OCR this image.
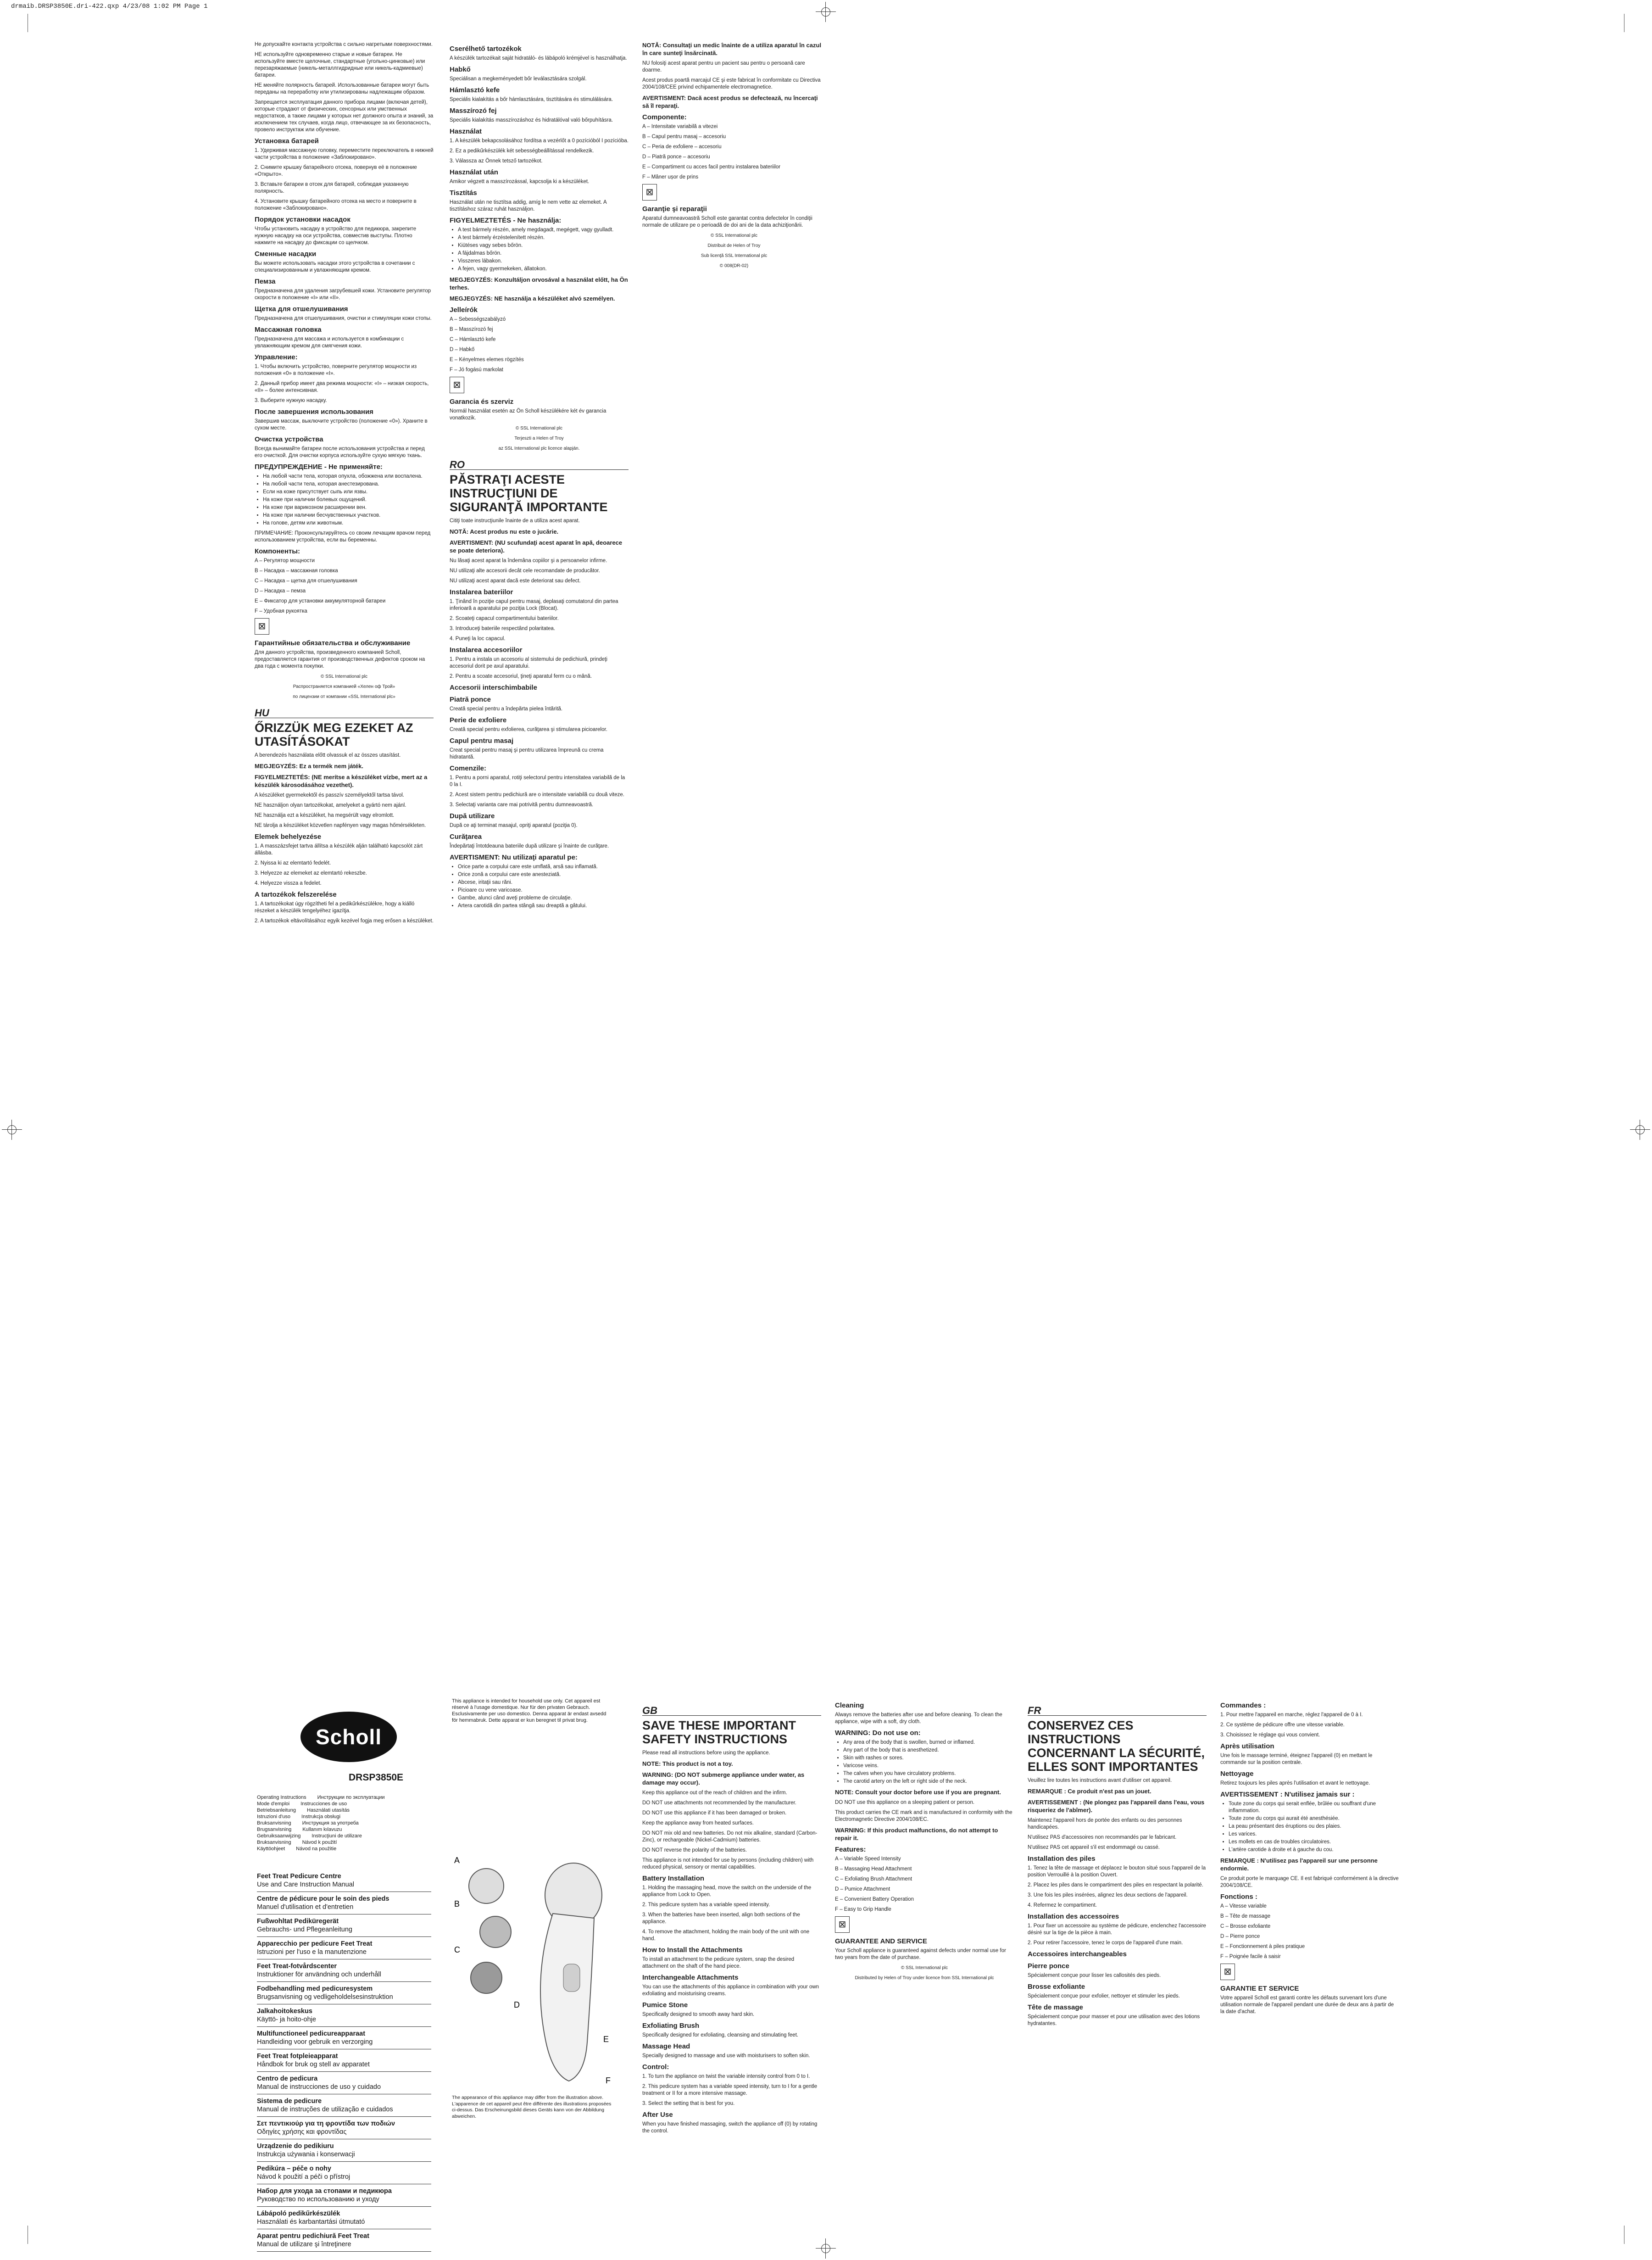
drmaib.DRSP3850E.dri-422.qxp 4/23/08 1:02 PM Page 1

Не допускайте контакта устройства с сильно нагретыми поверхностями.

НЕ используйте одновременно старые и новые батареи. Не используйте вместе щелочные, стандартные (угольно-цинковые) или перезаряжаемые (никель-металлгидридные или никель-кадмиевые) батареи.

НЕ меняйте полярность батарей. Использованные батареи могут быть переданы на переработку или утилизированы надлежащим образом.

Запрещается эксплуатация данного прибора лицами (включая детей), которые страдают от физических, сенсорных или умственных недостатков, а также лицами у которых нет должного опыта и знаний, за исключением тех случаев, когда лицо, отвечающее за их безопасность, провело инструктаж или обучение.

Установка батарей

1. Удерживая массажную головку, переместите переключатель в нижней части устройства в положение «Заблокировано».

2. Снимите крышку батарейного отсека, повернув её в положение «Открыто».

3. Вставьте батареи в отсек для батарей, соблюдая указанную полярность.

4. Установите крышку батарейного отсека на место и поверните в положение «Заблокировано».

Порядок установки насадок

Чтобы установить насадку в устройство для педикюра, закрепите нужную насадку на оси устройства, совместив выступы. Плотно нажмите на насадку до фиксации со щелчком.

Сменные насадки

Вы можете использовать насадки этого устройства в сочетании с специализированным и увлажняющим кремом.

Пемза

Предназначена для удаления загрубевшей кожи. Установите регулятор скорости в положение «I» или «II».

Щетка для отшелушивания

Предназначена для отшелушивания, очистки и стимуляции кожи стопы.

Массажная головка

Предназначена для массажа и используется в комбинации с увлажняющим кремом для смягчения кожи.

Управление:

1. Чтобы включить устройство, поверните регулятор мощности из положения «0» в положение «I».

2. Данный прибор имеет два режима мощности: «I» – низкая скорость, «II» – более интенсивная.

3. Выберите нужную насадку.

После завершения использования

Завершив массаж, выключите устройство (положение «0»). Храните в сухом месте.

Очистка устройства

Всегда вынимайте батареи после использования устройства и перед его очисткой. Для очистки корпуса используйте сухую мягкую ткань.

ПРЕДУПРЕЖДЕНИЕ - Не применяйте:
• На любой части тела, которая опухла, обожжена или воспалена.
• На любой части тела, которая анестезирована.
• Если на коже присутствует сыпь или язвы.
• На коже при наличии болевых ощущений.
• На коже при варикозном расширении вен.
• На коже при наличии бесчувственных участков.
• На голове, детям или животным.

ПРИМЕЧАНИЕ: Проконсультируйтесь со своим лечащим врачом перед использованием устройства, если вы беременны.

Компоненты:

A – Регулятор мощности

B – Насадка – массажная головка

C – Насадка – щетка для отшелушивания

D – Насадка – пемза

E – Фиксатор для установки аккумуляторной батареи

F – Удобная рукоятка

⊠
Гарантийные обязательства и обслуживание

Для данного устройства, произведенного компанией Scholl, предоставляется гарантия от производственных дефектов сроком на два года с момента покупки.

© SSL International plc

Распространяется компанией «Хелен оф Трой»

по лицензии от компании «SSL International plc»

HU
ŐRIZZÜK MEG EZEKET AZ UTASÍTÁSOKAT

A berendezés használata előtt olvassuk el az összes utasítást.

MEGJEGYZÉS: Ez a termék nem játék.

FIGYELMEZTETÉS: (NE merítse a készüléket vízbe, mert az a készülék károsodásához vezethet).

A készüléket gyermekektől és passzív személyektől tartsa távol.

NE használjon olyan tartozékokat, amelyeket a gyártó nem ajánl.

NE használja ezt a készüléket, ha megsérült vagy elromlott.

NE tárolja a készüléket közvetlen napfényen vagy magas hőmérsékleten.

Elemek behelyezése

1. A masszázsfejet tartva állítsa a készülék alján található kapcsolót zárt állásba.

2. Nyissa ki az elemtartó fedelét.

3. Helyezze az elemeket az elemtartó rekeszbe.

4. Helyezze vissza a fedelet.

A tartozékok felszerelése

1. A tartozékokat úgy rögzítheti fel a pedikűrkészülékre, hogy a kiálló részeket a készülék tengelyéhez igazítja.

2. A tartozékok eltávolításához egyik kezével fogja meg erősen a készüléket.

Cserélhető tartozékok

A készülék tartozékait saját hidratáló- és lábápoló krémjével is használhatja.

Habkő

Speciálisan a megkeményedett bőr leválasztására szolgál.

Hámlasztó kefe

Speciális kialakítás a bőr hámlasztására, tisztítására és stimulálására.

Masszírozó fej

Speciális kialakítás masszírozáshoz és hidratálóval való bőrpuhításra.

Használat

1. A készülék bekapcsolásához fordítsa a vezérlőt a 0 pozícióból I pozícióba.

2. Ez a pedikűrkészülék két sebességbeállítással rendelkezik.

3. Válassza az Önnek tetsző tartozékot.

Használat után

Amikor végzett a masszírozással, kapcsolja ki a készüléket.

Tisztítás

Használat után ne tisztítsa addig, amíg le nem vette az elemeket. A tisztításhoz száraz ruhát használjon.

FIGYELMEZTETÉS - Ne használja:
• A test bármely részén, amely megdagadt, megégett, vagy gyulladt.
• A test bármely érzéstelenített részén.
• Kiütéses vagy sebes bőrön.
• A fájdalmas bőrön.
• Visszeres lábakon.
• A fejen, vagy gyermekeken, állatokon.

MEGJEGYZÉS: Konzultáljon orvosával a használat előtt, ha Ön terhes.

MEGJEGYZÉS: NE használja a készüléket alvó személyen.

Jelleírók

A – Sebességszabályzó

B – Masszírozó fej

C – Hámlasztó kefe

D – Habkő

E – Kényelmes elemes rögzítés

F – Jó fogású markolat

⊠
Garancia és szerviz

Normál használat esetén az Ön Scholl készülékére két év garancia vonatkozik.

© SSL International plc

Terjeszti a Helen of Troy

az SSL International plc licence alapján.

RO
PĂSTRAŢI ACESTE INSTRUCŢIUNI DE SIGURANŢĂ IMPORTANTE

Citiţi toate instrucţiunile înainte de a utiliza acest aparat.

NOTĂ: Acest produs nu este o jucărie.

AVERTISMENT: (NU scufundaţi acest aparat în apă, deoarece se poate deteriora).

Nu lăsaţi acest aparat la îndemâna copiilor şi a persoanelor infirme.

NU utilizaţi alte accesorii decât cele recomandate de producător.

NU utilizaţi acest aparat dacă este deteriorat sau defect.

Instalarea bateriilor

1. Ţinând în poziţie capul pentru masaj, deplasaţi comutatorul din partea inferioară a aparatului pe poziţia Lock (Blocat).

2. Scoateţi capacul compartimentului bateriilor.

3. Introduceţi bateriile respectând polaritatea.

4. Puneţi la loc capacul.

Instalarea accesoriilor

1. Pentru a instala un accesoriu al sistemului de pedichiură, prindeţi accesoriul dorit pe axul aparatului.

2. Pentru a scoate accesoriul, ţineţi aparatul ferm cu o mână.

Accesorii interschimbabile
Piatră ponce

Creată special pentru a îndepărta pielea întărită.

Perie de exfoliere

Creată special pentru exfolierea, curăţarea şi stimularea picioarelor.

Capul pentru masaj

Creat special pentru masaj şi pentru utilizarea împreună cu crema hidratantă.

Comenzile:

1. Pentru a porni aparatul, rotiţi selectorul pentru intensitatea variabilă de la 0 la I.

2. Acest sistem pentru pedichiură are o intensitate variabilă cu două viteze.

3. Selectaţi varianta care mai potrivită pentru dumneavoastră.

După utilizare

După ce aţi terminat masajul, opriţi aparatul (poziţia 0).

Curăţarea

Îndepărtaţi întotdeauna bateriile după utilizare şi înainte de curăţare.

AVERTISMENT: Nu utilizaţi aparatul pe:
• Orice parte a corpului care este umflată, arsă sau inflamată.
• Orice zonă a corpului care este anesteziată.
• Abcese, iritaţii sau răni.
• Picioare cu vene varicoase.
• Gambe, alunci când aveţi probleme de circulaţie.
• Artera carotidă din partea stângă sau dreaptă a gâtului.

NOTĂ: Consultaţi un medic înainte de a utiliza aparatul în cazul în care sunteţi însărcinată.

NU folosiţi acest aparat pentru un pacient sau pentru o persoană care doarme.

Acest produs poartă marcajul CE şi este fabricat în conformitate cu Directiva 2004/108/CEE privind echipamentele electromagnetice.

AVERTISMENT: Dacă acest produs se defectează, nu încercaţi să îl reparaţi.

Componente:

A – Intensitate variabilă a vitezei

B – Capul pentru masaj – accesoriu

C – Peria de exfoliere – accesoriu

D – Piatră ponce – accesoriu

E – Compartiment cu acces facil pentru instalarea bateriilor

F – Mâner ușor de prins

⊠
Garanţie şi reparaţii

Aparatul dumneavoastră Scholl este garantat contra defectelor în condiţii normale de utilizare pe o perioadă de doi ani de la data achiziţionării.

© SSL International plc

Distribuit de Helen of Troy

Sub licenţă SSL International plc

© 008(DR-02)

Scholl
DRSP3850E
Operating Instructions Инструкции по эксплуатации
Mode d'emploi Instrucciones de uso
Betriebsanleitung Használati utasítás
Istruzioni d'uso Instrukcja obsługi
Bruksanvisning Инструкция за употреба
Brugsanvisning Kullanım kılavuzu
Gebruiksaanwijzing Instrucţiuni de utilizare
Bruksanvisning Návod k použití
Käyttöohjeet Návod na použitie
Feet Treat Pedicure Centre
Use and Care Instruction Manual
Centre de pédicure pour le soin des pieds
Manuel d'utilisation et d'entretien
Fußwohltat Pediküregerät
Gebrauchs- und Pflegeanleitung
Apparecchio per pedicure Feet Treat
Istruzioni per l'uso e la manutenzione
Feet Treat-fotvårdscenter
Instruktioner för användning och underhåll
Fodbehandling med pedicuresystem
Brugsanvisning og vedligeholdelsesinstruktion
Jalkahoitokeskus
Käyttö- ja hoito-ohje
Multifunctioneel pedicureapparaat
Handleiding voor gebruik en verzorging
Feet Treat fotpleieapparat
Håndbok for bruk og stell av apparatet
Centro de pedicura
Manual de instrucciones de uso y cuidado
Sistema de pedicure
Manual de instruções de utilização e cuidados
Σετ πεντικιούρ για τη φροντίδα των ποδιών
Οδηγίες χρήσης και φροντίδας
Urządzenie do pedikiuru
Instrukcja używania i konserwacji
Pedikúra – péče o nohy
Návod k použití a péči o přístroj
Набор для ухода за стопами и педикюра
Руководство по использованию и уходу
Lábápoló pedikűrkészülék
Használati és karbantartási útmutató
Aparat pentru pedichiură Feet Treat
Manual de utilizare şi întreţinere
This appliance is intended for household use only. Cet appareil est réservé à l'usage domestique. Nur für den privaten Gebrauch. Esclusivamente per uso domestico. Denna apparat är endast avsedd för hemmabruk. Dette apparat er kun beregnet til privat brug.
A
B
C
D
E
F
The appearance of this appliance may differ from the illustration above. L'apparence de cet appareil peut être différente des illustrations proposées ci-dessus. Das Erscheinungsbild dieses Geräts kann von der Abbildung abweichen.
GB
SAVE THESE IMPORTANT SAFETY INSTRUCTIONS

Please read all instructions before using the appliance.

NOTE: This product is not a toy.

WARNING: (DO NOT submerge appliance under water, as damage may occur).

Keep this appliance out of the reach of children and the infirm.

DO NOT use attachments not recommended by the manufacturer.

DO NOT use this appliance if it has been damaged or broken.

Keep the appliance away from heated surfaces.

DO NOT mix old and new batteries. Do not mix alkaline, standard (Carbon-Zinc), or rechargeable (Nickel-Cadmium) batteries.

DO NOT reverse the polarity of the batteries.

This appliance is not intended for use by persons (including children) with reduced physical, sensory or mental capabilities.

Battery Installation

1. Holding the massaging head, move the switch on the underside of the appliance from Lock to Open.

2. This pedicure system has a variable speed intensity.

3. When the batteries have been inserted, align both sections of the appliance.

4. To remove the attachment, holding the main body of the unit with one hand.

How to Install the Attachments

To install an attachment to the pedicure system, snap the desired attachment on the shaft of the hand piece.

Interchangeable Attachments

You can use the attachments of this appliance in combination with your own exfoliating and moisturising creams.

Pumice Stone

Specifically designed to smooth away hard skin.

Exfoliating Brush

Specifically designed for exfoliating, cleansing and stimulating feet.

Massage Head

Specially designed to massage and use with moisturisers to soften skin.

Control:

1. To turn the appliance on twist the variable intensity control from 0 to I.

2. This pedicure system has a variable speed intensity, turn to I for a gentle treatment or II for a more intensive massage.

3. Select the setting that is best for you.

After Use

When you have finished massaging, switch the appliance off (0) by rotating the control.

Cleaning

Always remove the batteries after use and before cleaning. To clean the appliance, wipe with a soft, dry cloth.

WARNING: Do not use on:
• Any area of the body that is swollen, burned or inflamed.
• Any part of the body that is anesthetized.
• Skin with rashes or sores.
• Varicose veins.
• The calves when you have circulatory problems.
• The carotid artery on the left or right side of the neck.

NOTE: Consult your doctor before use if you are pregnant.

DO NOT use this appliance on a sleeping patient or person.

This product carries the CE mark and is manufactured in conformity with the Electromagnetic Directive 2004/108/EC.

WARNING: If this product malfunctions, do not attempt to repair it.

Features:

A – Variable Speed Intensity

B – Massaging Head Attachment

C – Exfoliating Brush Attachment

D – Pumice Attachment

E – Convenient Battery Operation

F – Easy to Grip Handle

⊠
GUARANTEE AND SERVICE

Your Scholl appliance is guaranteed against defects under normal use for two years from the date of purchase.

© SSL International plc

Distributed by Helen of Troy under licence from SSL International plc

FR
CONSERVEZ CES INSTRUCTIONS CONCERNANT LA SÉCURITÉ, ELLES SONT IMPORTANTES

Veuillez lire toutes les instructions avant d'utiliser cet appareil.

REMARQUE : Ce produit n'est pas un jouet.

AVERTISSEMENT : (Ne plongez pas l'appareil dans l'eau, vous risqueriez de l'abîmer).

Maintenez l'appareil hors de portée des enfants ou des personnes handicapées.

N'utilisez PAS d'accessoires non recommandés par le fabricant.

N'utilisez PAS cet appareil s'il est endommagé ou cassé.

Installation des piles

1. Tenez la tête de massage et déplacez le bouton situé sous l'appareil de la position Verrouillé à la position Ouvert.

2. Placez les piles dans le compartiment des piles en respectant la polarité.

3. Une fois les piles insérées, alignez les deux sections de l'appareil.

4. Refermez le compartiment.

Installation des accessoires

1. Pour fixer un accessoire au système de pédicure, enclenchez l'accessoire désiré sur la tige de la pièce à main.

2. Pour retirer l'accessoire, tenez le corps de l'appareil d'une main.

Accessoires interchangeables
Pierre ponce

Spécialement conçue pour lisser les callosités des pieds.

Brosse exfoliante

Spécialement conçue pour exfolier, nettoyer et stimuler les pieds.

Tête de massage

Spécialement conçue pour masser et pour une utilisation avec des lotions hydratantes.

Commandes :

1. Pour mettre l'appareil en marche, réglez l'appareil de 0 à I.

2. Ce système de pédicure offre une vitesse variable.

3. Choisissez le réglage qui vous convient.

Après utilisation

Une fois le massage terminé, éteignez l'appareil (0) en mettant le commande sur la position centrale.

Nettoyage

Retirez toujours les piles après l'utilisation et avant le nettoyage.

AVERTISSEMENT : N'utilisez jamais sur :
• Toute zone du corps qui serait enflée, brûlée ou souffrant d'une inflammation.
• Toute zone du corps qui aurait été anesthésiée.
• La peau présentant des éruptions ou des plaies.
• Les varices.
• Les mollets en cas de troubles circulatoires.
• L'artère carotide à droite et à gauche du cou.

REMARQUE : N'utilisez pas l'appareil sur une personne endormie.

Ce produit porte le marquage CE. Il est fabriqué conformément à la directive 2004/108/CE.

Fonctions :

A – Vitesse variable

B – Tête de massage

C – Brosse exfoliante

D – Pierre ponce

E – Fonctionnement à piles pratique

F – Poignée facile à saisir

⊠
GARANTIE ET SERVICE

Votre appareil Scholl est garanti contre les défauts survenant lors d'une utilisation normale de l'appareil pendant une durée de deux ans à partir de la date d'achat.
